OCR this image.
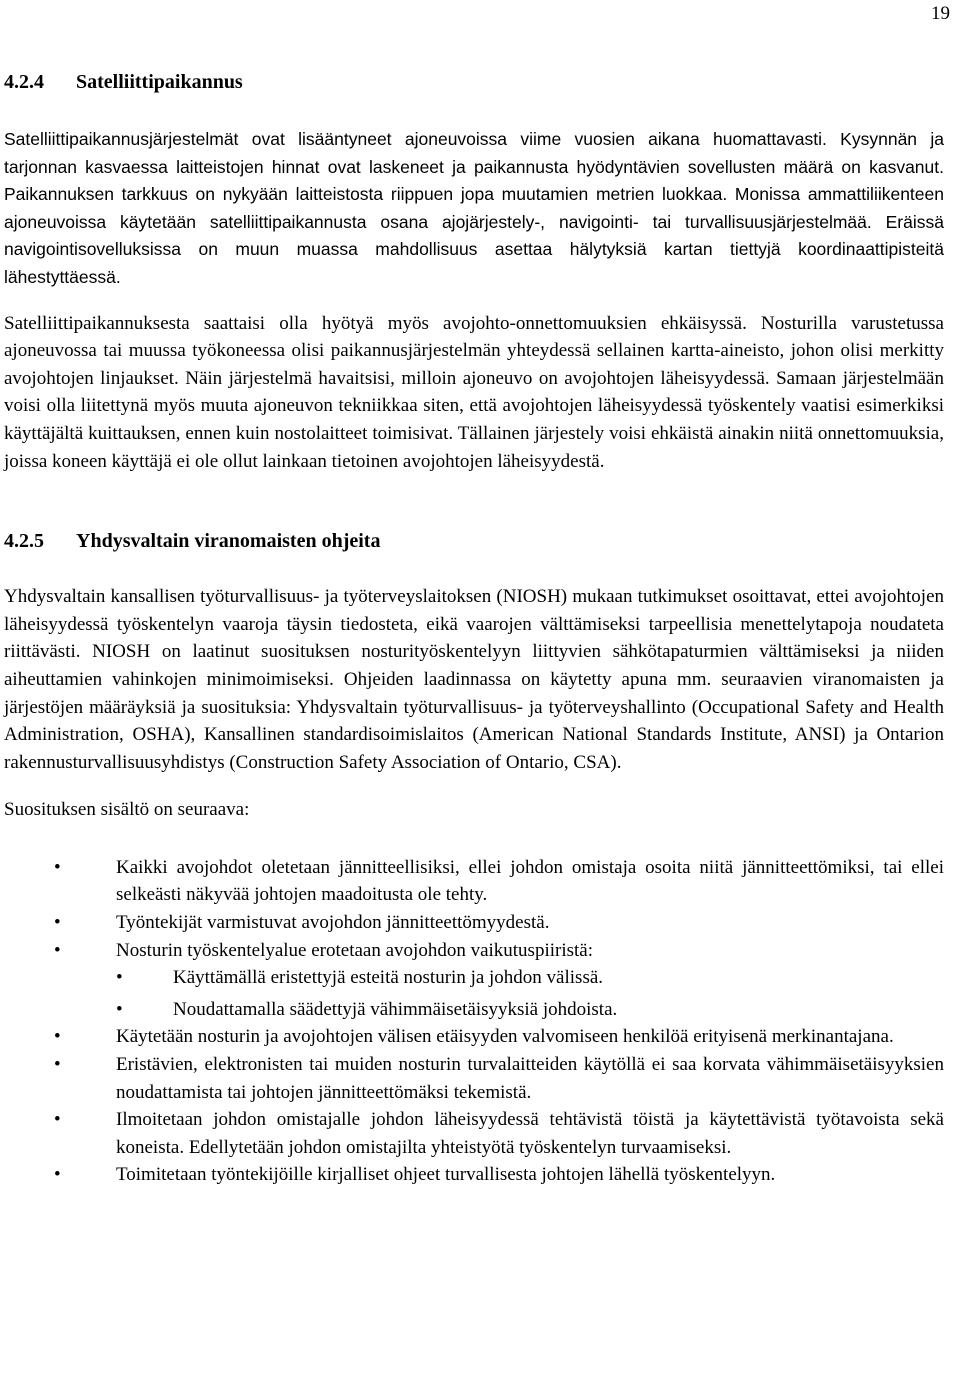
19
4.2.4 Satelliittipaikannus

Satelliittipaikannusjärjestelmät ovat lisääntyneet ajoneuvoissa viime vuosien aikana huomattavasti. Kysynnän ja tarjonnan kasvaessa laitteistojen hinnat ovat laskeneet ja paikannusta hyödyntävien sovellusten määrä on kasvanut. Paikannuksen tarkkuus on nykyään laitteistosta riippuen jopa muutamien metrien luokkaa. Monissa ammattiliikenteen ajoneuvoissa käytetään satelliittipaikannusta osana ajojärjestely-, navigointi- tai turvallisuusjärjestelmää. Eräissä navigointisovelluksissa on muun muassa mahdollisuus asettaa hälytyksiä kartan tiettyjä koordinaattipisteitä lähestyttäessä.

Satelliittipaikannuksesta saattaisi olla hyötyä myös avojohto-onnettomuuksien ehkäisyssä. Nosturilla varustetussa ajoneuvossa tai muussa työkoneessa olisi paikannusjärjestelmän yhteydessä sellainen kartta-aineisto, johon olisi merkitty avojohtojen linjaukset. Näin järjestelmä havaitsisi, milloin ajoneuvo on avojohtojen läheisyydessä. Samaan järjestelmään voisi olla liitettynä myös muuta ajoneuvon tekniikkaa siten, että avojohtojen läheisyydessä työskentely vaatisi esimerkiksi käyttäjältä kuittauksen, ennen kuin nostolaitteet toimisivat. Tällainen järjestely voisi ehkäistä ainakin niitä onnettomuuksia, joissa koneen käyttäjä ei ole ollut lainkaan tietoinen avojohtojen läheisyydestä.

4.2.5 Yhdysvaltain viranomaisten ohjeita

Yhdysvaltain kansallisen työturvallisuus- ja työterveyslaitoksen (NIOSH) mukaan tutkimukset osoittavat, ettei avojohtojen läheisyydessä työskentelyn vaaroja täysin tiedosteta, eikä vaarojen välttämiseksi tarpeellisia menettelytapoja noudateta riittävästi. NIOSH on laatinut suosituksen nosturityöskentelyyn liittyvien sähkötapaturmien välttämiseksi ja niiden aiheuttamien vahinkojen minimoimiseksi. Ohjeiden laadinnassa on käytetty apuna mm. seuraavien viranomaisten ja järjestöjen määräyksiä ja suosituksia: Yhdysvaltain työturvallisuus- ja työterveyshallinto (Occupational Safety and Health Administration, OSHA), Kansallinen standardisoimislaitos (American National Standards Institute, ANSI) ja Ontarion rakennusturvallisuusyhdistys (Construction Safety Association of Ontario, CSA).

Suosituksen sisältö on seuraava:

•	Kaikki avojohdot oletetaan jännitteellisiksi, ellei johdon omistaja osoita niitä jännitteettömiksi, tai ellei selkeästi näkyvää johtojen maadoitusta ole tehty.
•	Työntekijät varmistuvat avojohdon jännitteettömyydestä.
•	Nosturin työskentelyalue erotetaan avojohdon vaikutuspiiristä:
•	Käyttämällä eristettyjä esteitä nosturin ja johdon välissä.
•	Noudattamalla säädettyjä vähimmäisetäisyyksiä johdoista.
•	Käytetään nosturin ja avojohtojen välisen etäisyyden valvomiseen henkilöä erityisenä merkinantajana.
•	Eristävien, elektronisten tai muiden nosturin turvalaitteiden käytöllä ei saa korvata vähimmäisetäisyyksien noudattamista tai johtojen jännitteettömäksi tekemistä.
•	Ilmoitetaan johdon omistajalle johdon läheisyydessä tehtävistä töistä ja käytettävistä työtavoista sekä koneista. Edellytetään johdon omistajilta yhteistyötä työskentelyn turvaamiseksi.
•	Toimitetaan työntekijöille kirjalliset ohjeet turvallisesta johtojen lähellä työskentelyyn.
